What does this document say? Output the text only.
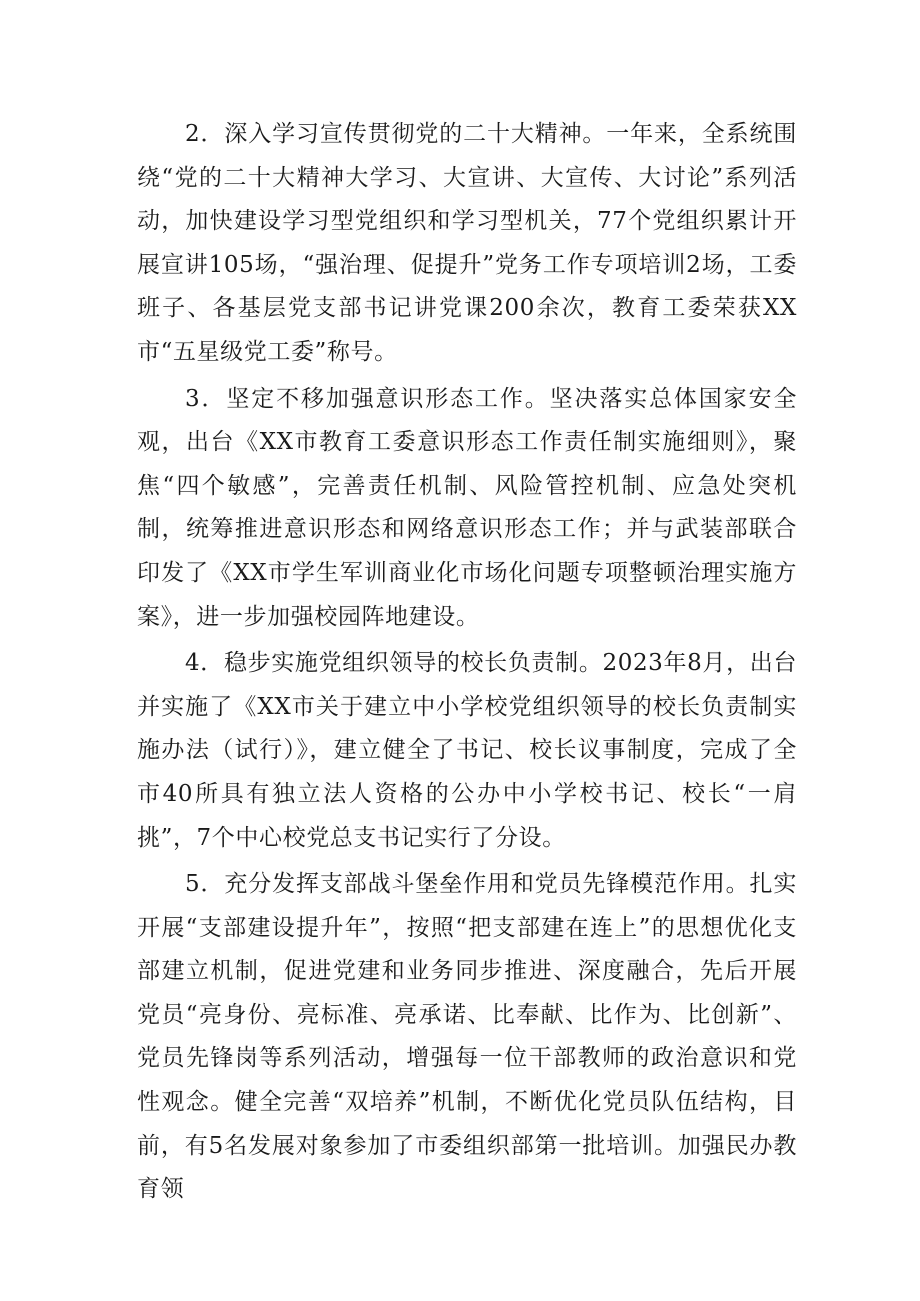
2．深入学习宣传贯彻党的二十大精神。一年来，全系统围绕“党的二十大精神大学习、大宣讲、大宣传、大讨论”系列活动，加快建设学习型党组织和学习型机关，77个党组织累计开展宣讲105场，“强治理、促提升”党务工作专项培训2场，工委班子、各基层党支部书记讲党课200余次，教育工委荣获XX市“五星级党工委”称号。

3．坚定不移加强意识形态工作。坚决落实总体国家安全观，出台《XX市教育工委意识形态工作责任制实施细则》，聚焦“四个敏感”，完善责任机制、风险管控机制、应急处突机制，统筹推进意识形态和网络意识形态工作；并与武装部联合印发了《XX市学生军训商业化市场化问题专项整顿治理实施方案》，进一步加强校园阵地建设。

4．稳步实施党组织领导的校长负责制。2023年8月，出台并实施了《XX市关于建立中小学校党组织领导的校长负责制实施办法（试行）》，建立健全了书记、校长议事制度，完成了全市40所具有独立法人资格的公办中小学校书记、校长“一肩挑”，7个中心校党总支书记实行了分设。

5．充分发挥支部战斗堡垒作用和党员先锋模范作用。扎实开展“支部建设提升年”，按照“把支部建在连上”的思想优化支部建立机制，促进党建和业务同步推进、深度融合，先后开展党员“亮身份、亮标准、亮承诺、比奉献、比作为、比创新”、党员先锋岗等系列活动，增强每一位干部教师的政治意识和党性观念。健全完善“双培养”机制，不断优化党员队伍结构，目前，有5名发展对象参加了市委组织部第一批培训。加强民办教育领
